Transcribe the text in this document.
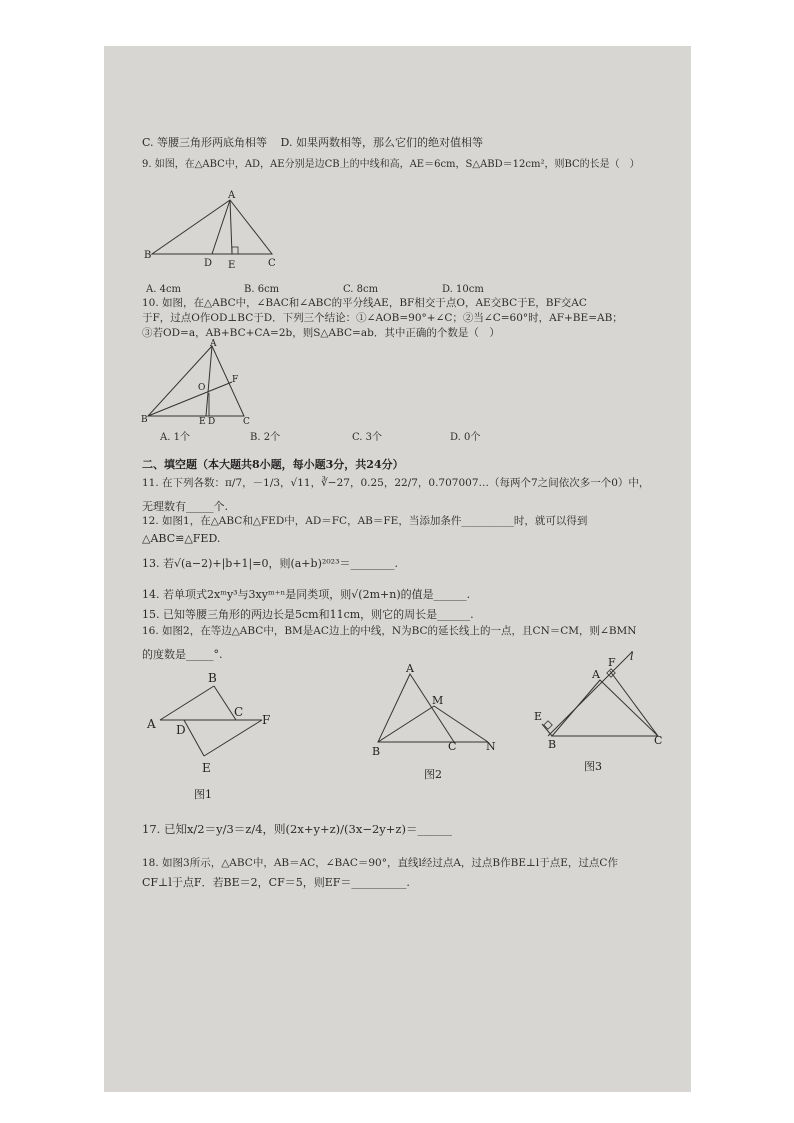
C. 等腰三角形两底角相等 D. 如果两数相等，那么它们的绝对值相等
9. 如图，在△ABC中，AD，AE分别是边CB上的中线和高，AE＝6cm，S△ABD＝12cm²，则BC的长是（　）
A
B
D E	C
A. 4cm	B. 6cm	C. 8cm	D. 10cm
10. 如图，在△ABC中，∠BAC和∠ABC的平分线AE，BF相交于点O，AE交BC于E，BF交AC
于F，过点O作OD⊥BC于D．下列三个结论：①∠AOB=90°+∠C；②当∠C=60°时，AF+BE=AB；
③若OD=a，AB+BC+CA=2b，则S△ABC=ab．其中正确的个数是（　）
A
F
O
B	E D	C
A. 1个	B. 2个	C. 3个	D. 0个
二、填空题（本大题共8小题，每小题3分，共24分）
11. 在下列各数：π/7，－1/3，√11，∛−27，0.25，22/7，0.707007…（每两个7之间依次多一个0）中，
无理数有_____个.
12. 如图1，在△ABC和△FED中，AD＝FC，AB＝FE，当添加条件__________时，就可以得到
△ABC≌△FED.
13. 若√(a−2)+|b+1|=0，则(a+b)²⁰²³＝________.
14. 若单项式2xᵐy³与3xyᵐ⁺ⁿ是同类项，则√(2m+n)的值是______.
15. 已知等腰三角形的两边长是5cm和11cm，则它的周长是______.
16. 如图2，在等边△ABC中，BM是AC边上的中线，N为BC的延长线上的一点，且CN＝CM，则∠BMN
的度数是_____°.
B
A D
C
F
E
图1
A
M
B	C	N
图2
A
F l
E
B	C
图3
17. 已知x/2＝y/3＝z/4，则(2x+y+z)/(3x−2y+z)＝______
18. 如图3所示，△ABC中，AB＝AC，∠BAC＝90°，直线l经过点A，过点B作BE⊥l于点E，过点C作
CF⊥l于点F．若BE＝2，CF＝5，则EF＝__________.
